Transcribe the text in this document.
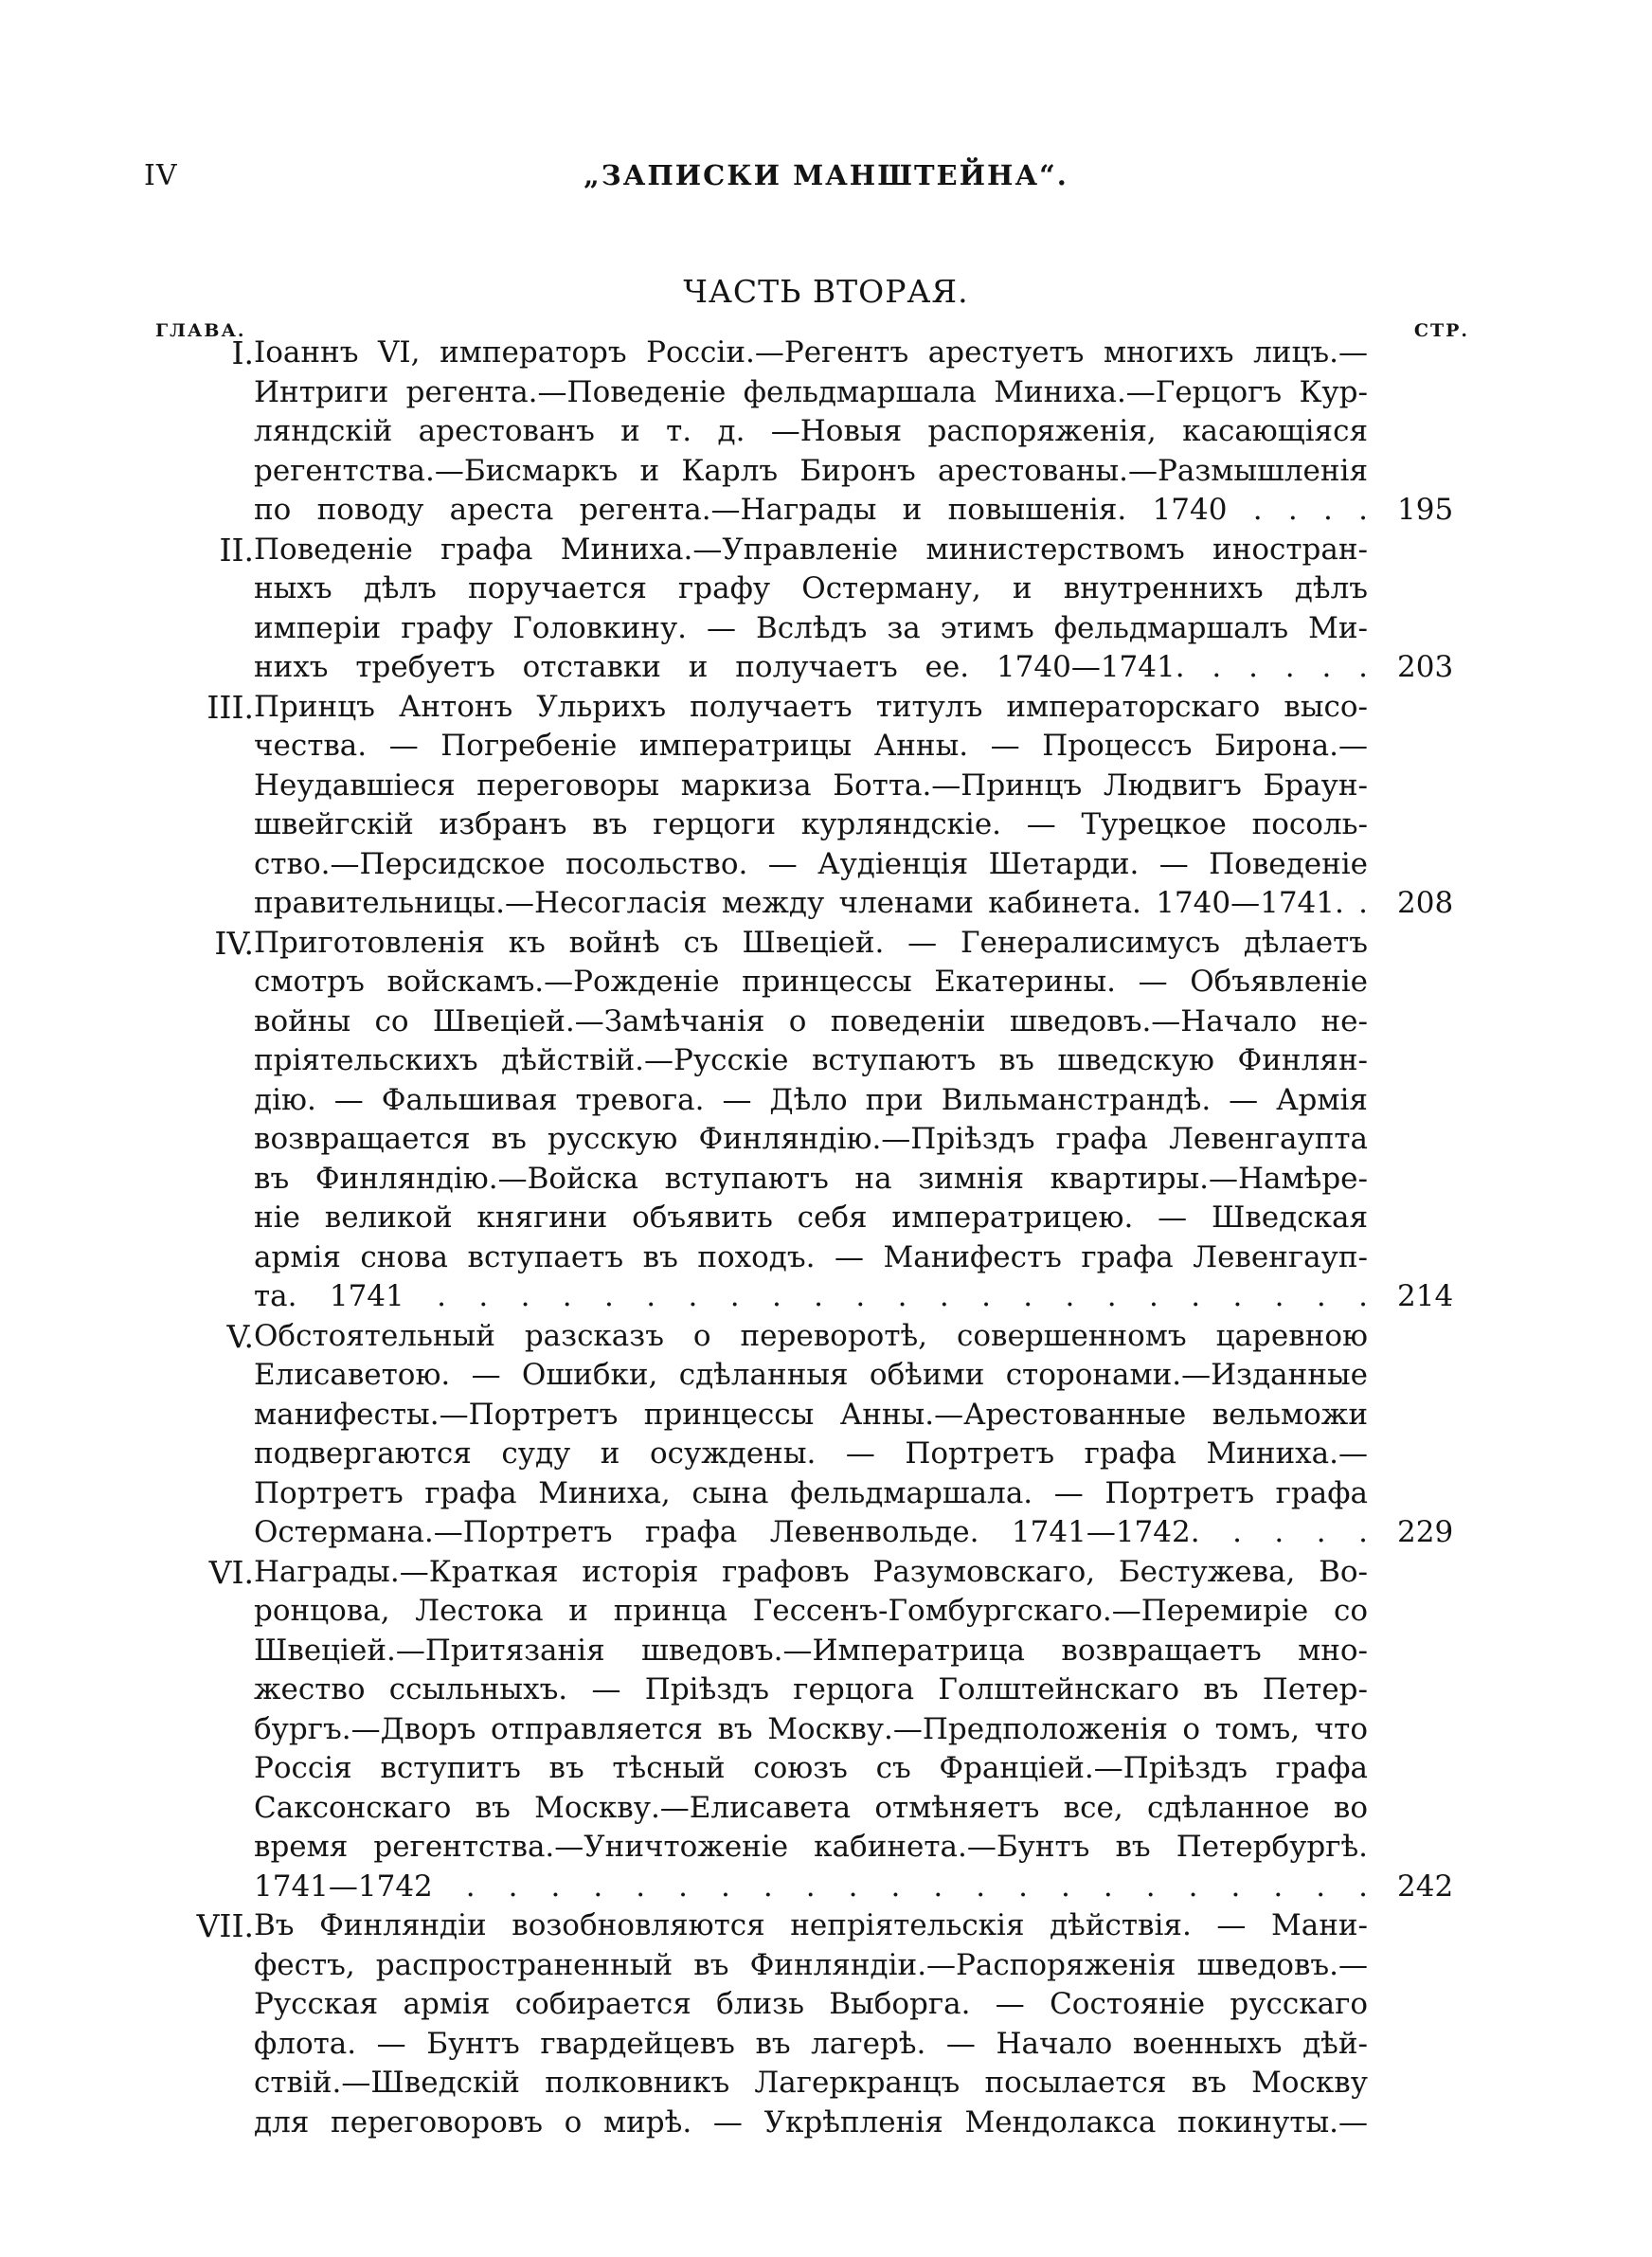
IV	„ЗАПИСКИ МАНШТЕЙНА“.
ЧАСТЬ ВТОРАЯ.
ГЛАВА.	СТР.
I. Іоаннъ VI, императоръ Россіи.—Регентъ арестуетъ многихъ лицъ.—
Интриги регента.—Поведеніе фельдмаршала Миниха.—Герцогъ Кур-
ляндскій арестованъ и т. д. —Новыя распоряженія, касающіяся
регентства.—Бисмаркъ и Карлъ Биронъ арестованы.—Размышленія
по поводу ареста регента.—Награды и повышенія. 1740 . . . . 195
II. Поведеніе графа Миниха.—Управленіе министерствомъ иностран-
ныхъ дѣлъ поручается графу Остерману, и внутреннихъ дѣлъ
имперіи графу Головкину. — Вслѣдъ за этимъ фельдмаршалъ Ми-
нихъ требуетъ отставки и получаетъ ее. 1740—1741. . . . . . 203
III. Принцъ Антонъ Ульрихъ получаетъ титулъ императорскаго высо-
чества. — Погребеніе императрицы Анны. — Процессъ Бирона.—
Неудавшіеся переговоры маркиза Ботта.—Принцъ Людвигъ Браун-
швейгскій избранъ въ герцоги курляндскіе. — Турецкое посоль-
ство.—Персидское посольство. — Аудіенція Шетарди. — Поведеніе
правительницы.—Несогласія между членами кабинета. 1740—1741. . 208
IV. Приготовленія къ войнѣ съ Швеціей. — Генералисимусъ дѣлаетъ
смотръ войскамъ.—Рожденіе принцессы Екатерины. — Объявленіе
войны со Швеціей.—Замѣчанія о поведеніи шведовъ.—Начало не-
пріятельскихъ дѣйствій.—Русскіе вступаютъ въ шведскую Финлян-
дію. — Фальшивая тревога. — Дѣло при Вильманстрандѣ. — Армія
возвращается въ русскую Финляндію.—Пріѣздъ графа Левенгаупта
въ Финляндію.—Войска вступаютъ на зимнія квартиры.—Намѣре-
ніе великой княгини объявить себя императрицею. — Шведская
армія снова вступаетъ въ походъ. — Манифестъ графа Левенгауп-
та. 1741 . . . . . . . . . . . . . . . . . . . . . . . 214
V. Обстоятельный разсказъ о переворотѣ, совершенномъ царевною
Елисаветою. — Ошибки, сдѣланныя обѣими сторонами.—Изданные
манифесты.—Портретъ принцессы Анны.—Арестованные вельможи
подвергаются суду и осуждены. — Портретъ графа Миниха.—
Портретъ графа Миниха, сына фельдмаршала. — Портретъ графа
Остермана.—Портретъ графа Левенвольде. 1741—1742. . . . . 229
VI. Награды.—Краткая исторія графовъ Разумовскаго, Бестужева, Во-
ронцова, Лестока и принца Гессенъ-Гомбургскаго.—Перемиріе со
Швеціей.—Притязанія шведовъ.—Императрица возвращаетъ мно-
жество ссыльныхъ. — Пріѣздъ герцога Голштейнскаго въ Петер-
бургъ.—Дворъ отправляется въ Москву.—Предположенія о томъ, что
Россія вступитъ въ тѣсный союзъ съ Франціей.—Пріѣздъ графа
Саксонскаго въ Москву.—Елисавета отмѣняетъ все, сдѣланное во
время регентства.—Уничтоженіе кабинета.—Бунтъ въ Петербургѣ.
1741—1742 . . . . . . . . . . . . . . . . . . . . . . 242
VII. Въ Финляндіи возобновляются непріятельскія дѣйствія. — Мани-
фестъ, распространенный въ Финляндіи.—Распоряженія шведовъ.—
Русская армія собирается близь Выборга. — Состояніе русскаго
флота. — Бунтъ гвардейцевъ въ лагерѣ. — Начало военныхъ дѣй-
ствій.—Шведскій полковникъ Лагеркранцъ посылается въ Москву
для переговоровъ о мирѣ. — Укрѣпленія Мендолакса покинуты.—
